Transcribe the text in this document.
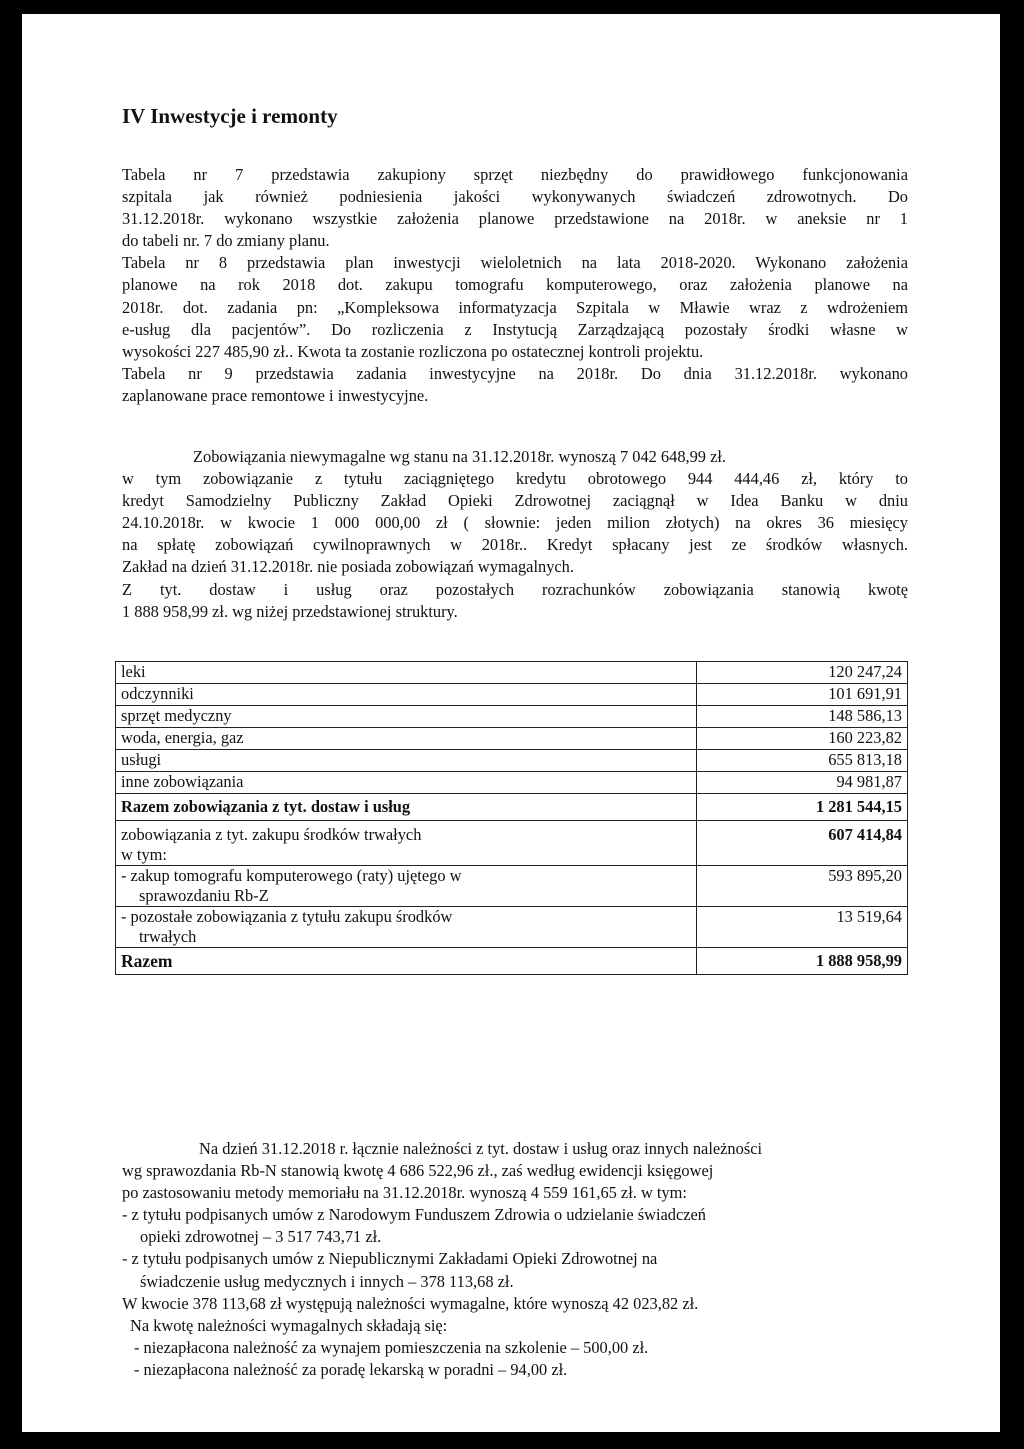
IV Inwestycje i remonty
Tabela nr 7 przedstawia zakupiony sprzęt niezbędny do prawidłowego funkcjonowania
szpitala jak również podniesienia jakości wykonywanych świadczeń zdrowotnych. Do
31.12.2018r. wykonano wszystkie założenia planowe przedstawione na 2018r. w aneksie nr 1
do tabeli nr. 7 do zmiany planu.
Tabela nr 8 przedstawia plan inwestycji wieloletnich na lata 2018-2020. Wykonano założenia
planowe na rok 2018 dot. zakupu tomografu komputerowego, oraz założenia planowe na
2018r. dot. zadania pn: „Kompleksowa informatyzacja Szpitala w Mławie wraz z wdrożeniem
e-usług dla pacjentów”. Do rozliczenia z Instytucją Zarządzającą pozostały środki własne w
wysokości 227 485,90 zł.. Kwota ta zostanie rozliczona po ostatecznej kontroli projektu.
Tabela nr 9 przedstawia zadania inwestycyjne na 2018r. Do dnia 31.12.2018r. wykonano
zaplanowane prace remontowe i inwestycyjne.
Zobowiązania niewymagalne wg stanu na 31.12.2018r. wynoszą 7 042 648,99 zł.
w tym zobowiązanie z tytułu zaciągniętego kredytu obrotowego 944 444,46 zł, który to
kredyt Samodzielny Publiczny Zakład Opieki Zdrowotnej zaciągnął w Idea Banku w dniu
24.10.2018r. w kwocie 1 000 000,00 zł ( słownie: jeden milion złotych) na okres 36 miesięcy
na spłatę zobowiązań cywilnoprawnych w 2018r.. Kredyt spłacany jest ze środków własnych.
Zakład na dzień 31.12.2018r. nie posiada zobowiązań wymagalnych.
Z tyt. dostaw i usług oraz pozostałych rozrachunków zobowiązania stanowią kwotę
1 888 958,99 zł. wg niżej przedstawionej struktury.
leki	120 247,24
odczynniki	101 691,91
sprzęt medyczny	148 586,13
woda, energia, gaz	160 223,82
usługi	655 813,18
inne zobowiązania	94 981,87
Razem zobowiązania z tyt. dostaw i usług	1 281 544,15

zobowiązania z tyt. zakupu środków trwałych
w tym:	607 414,84

- zakup tomografu komputerowego (raty) ujętego w
sprawozdaniu Rb-Z	593 895,20

- pozostałe zobowiązania z tytułu zakupu środków
trwałych	13 519,64
Razem	1 888 958,99
Na dzień 31.12.2018 r. łącznie należności z tyt. dostaw i usług oraz innych należności
wg sprawozdania Rb-N stanowią kwotę 4 686 522,96 zł., zaś według ewidencji księgowej
po zastosowaniu metody memoriału na 31.12.2018r. wynoszą 4 559 161,65 zł. w tym:
- z tytułu podpisanych umów z Narodowym Funduszem Zdrowia o udzielanie świadczeń
opieki zdrowotnej – 3 517 743,71 zł.
- z tytułu podpisanych umów z Niepublicznymi Zakładami Opieki Zdrowotnej na
świadczenie usług medycznych i innych – 378 113,68 zł.
W kwocie 378 113,68 zł występują należności wymagalne, które wynoszą 42 023,82 zł.
Na kwotę należności wymagalnych składają się:
- niezapłacona należność za wynajem pomieszczenia na szkolenie – 500,00 zł.
- niezapłacona należność za poradę lekarską w poradni – 94,00 zł.
